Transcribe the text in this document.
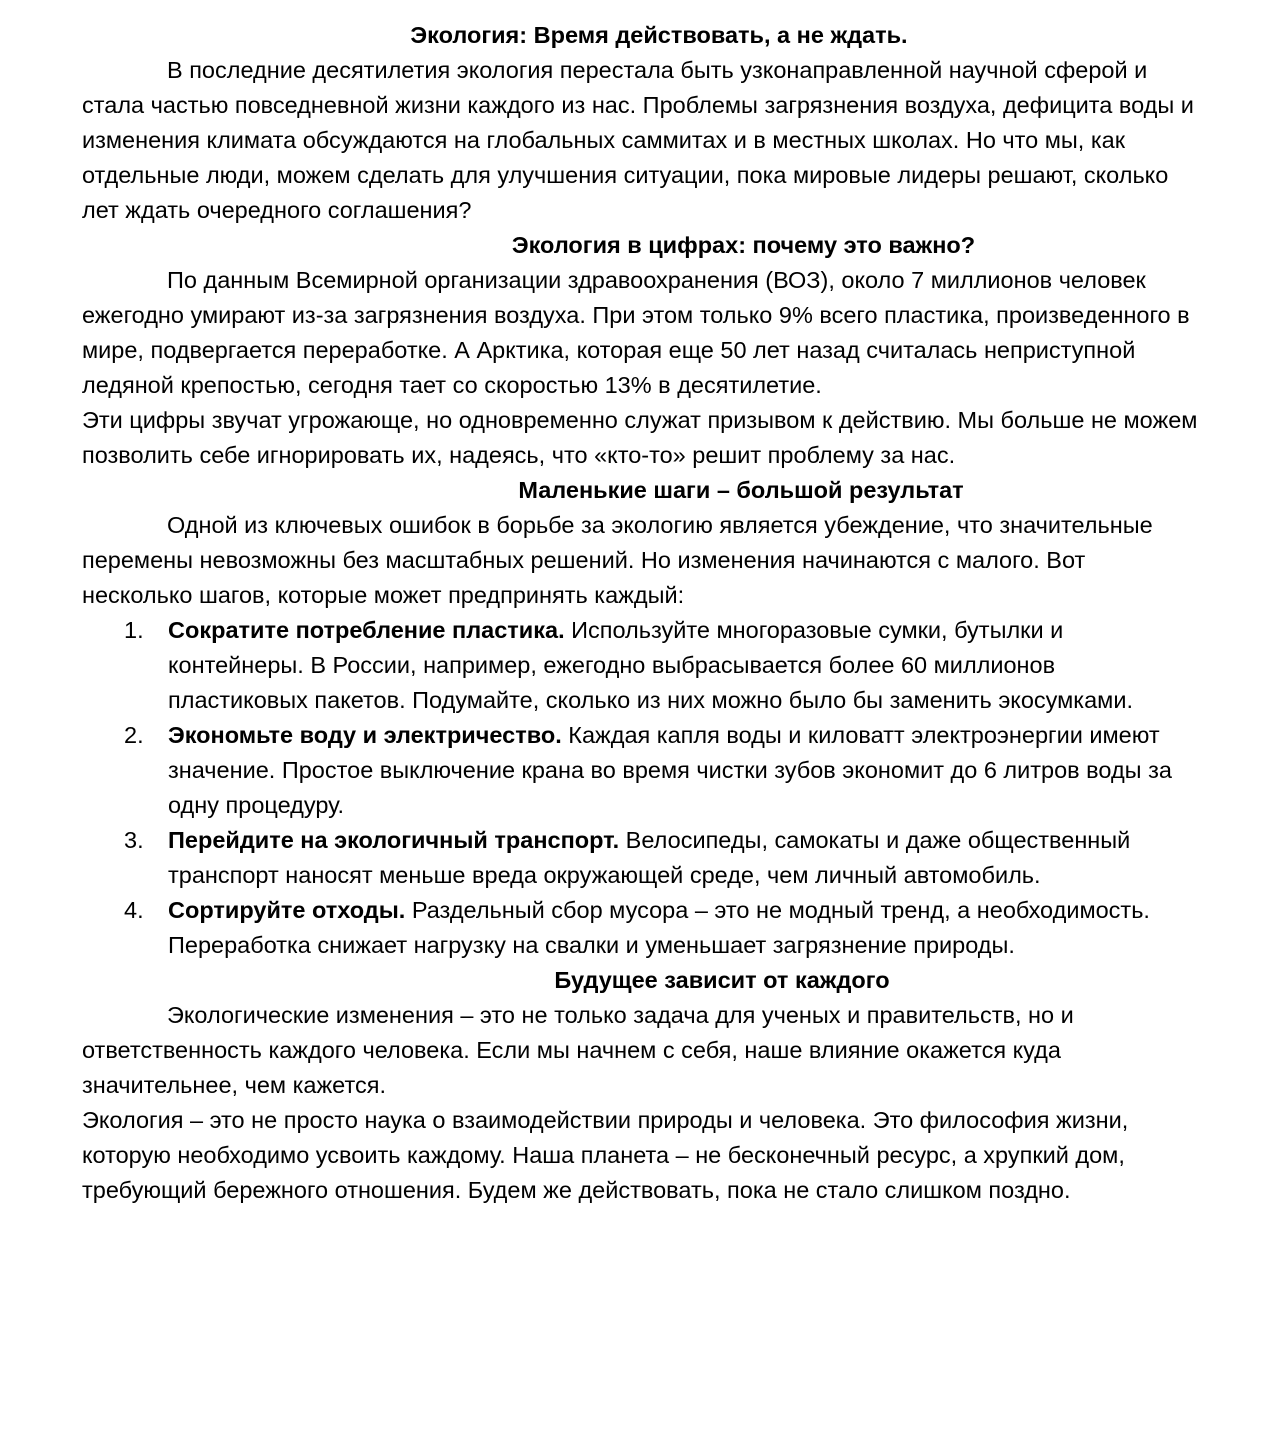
Экология: Время действовать, а не ждать.

В последние десятилетия экология перестала быть узконаправленной научной сферой и стала частью повседневной жизни каждого из нас. Проблемы загрязнения воздуха, дефицита воды и изменения климата обсуждаются на глобальных саммитах и в местных школах. Но что мы, как отдельные люди, можем сделать для улучшения ситуации, пока мировые лидеры решают, сколько лет ждать очередного соглашения?

Экология в цифрах: почему это важно?

По данным Всемирной организации здравоохранения (ВОЗ), около 7 миллионов человек ежегодно умирают из-за загрязнения воздуха. При этом только 9% всего пластика, произведенного в мире, подвергается переработке. А Арктика, которая еще 50 лет назад считалась неприступной ледяной крепостью, сегодня тает со скоростью 13% в десятилетие.

Эти цифры звучат угрожающе, но одновременно служат призывом к действию. Мы больше не можем позволить себе игнорировать их, надеясь, что «кто-то» решит проблему за нас.

Маленькие шаги – большой результат

Одной из ключевых ошибок в борьбе за экологию является убеждение, что значительные перемены невозможны без масштабных решений. Но изменения начинаются с малого. Вот несколько шагов, которые может предпринять каждый:

1. Сократите потребление пластика. Используйте многоразовые сумки, бутылки и контейнеры. В России, например, ежегодно выбрасывается более 60 миллионов пластиковых пакетов. Подумайте, сколько из них можно было бы заменить экосумками.
2. Экономьте воду и электричество. Каждая капля воды и киловатт электроэнергии имеют значение. Простое выключение крана во время чистки зубов экономит до 6 литров воды за одну процедуру.
3. Перейдите на экологичный транспорт. Велосипеды, самокаты и даже общественный транспорт наносят меньше вреда окружающей среде, чем личный автомобиль.
4. Сортируйте отходы. Раздельный сбор мусора – это не модный тренд, а необходимость. Переработка снижает нагрузку на свалки и уменьшает загрязнение природы.
Будущее зависит от каждого

Экологические изменения – это не только задача для ученых и правительств, но и ответственность каждого человека. Если мы начнем с себя, наше влияние окажется куда значительнее, чем кажется.

Экология – это не просто наука о взаимодействии природы и человека. Это философия жизни, которую необходимо усвоить каждому. Наша планета – не бесконечный ресурс, а хрупкий дом, требующий бережного отношения. Будем же действовать, пока не стало слишком поздно.
